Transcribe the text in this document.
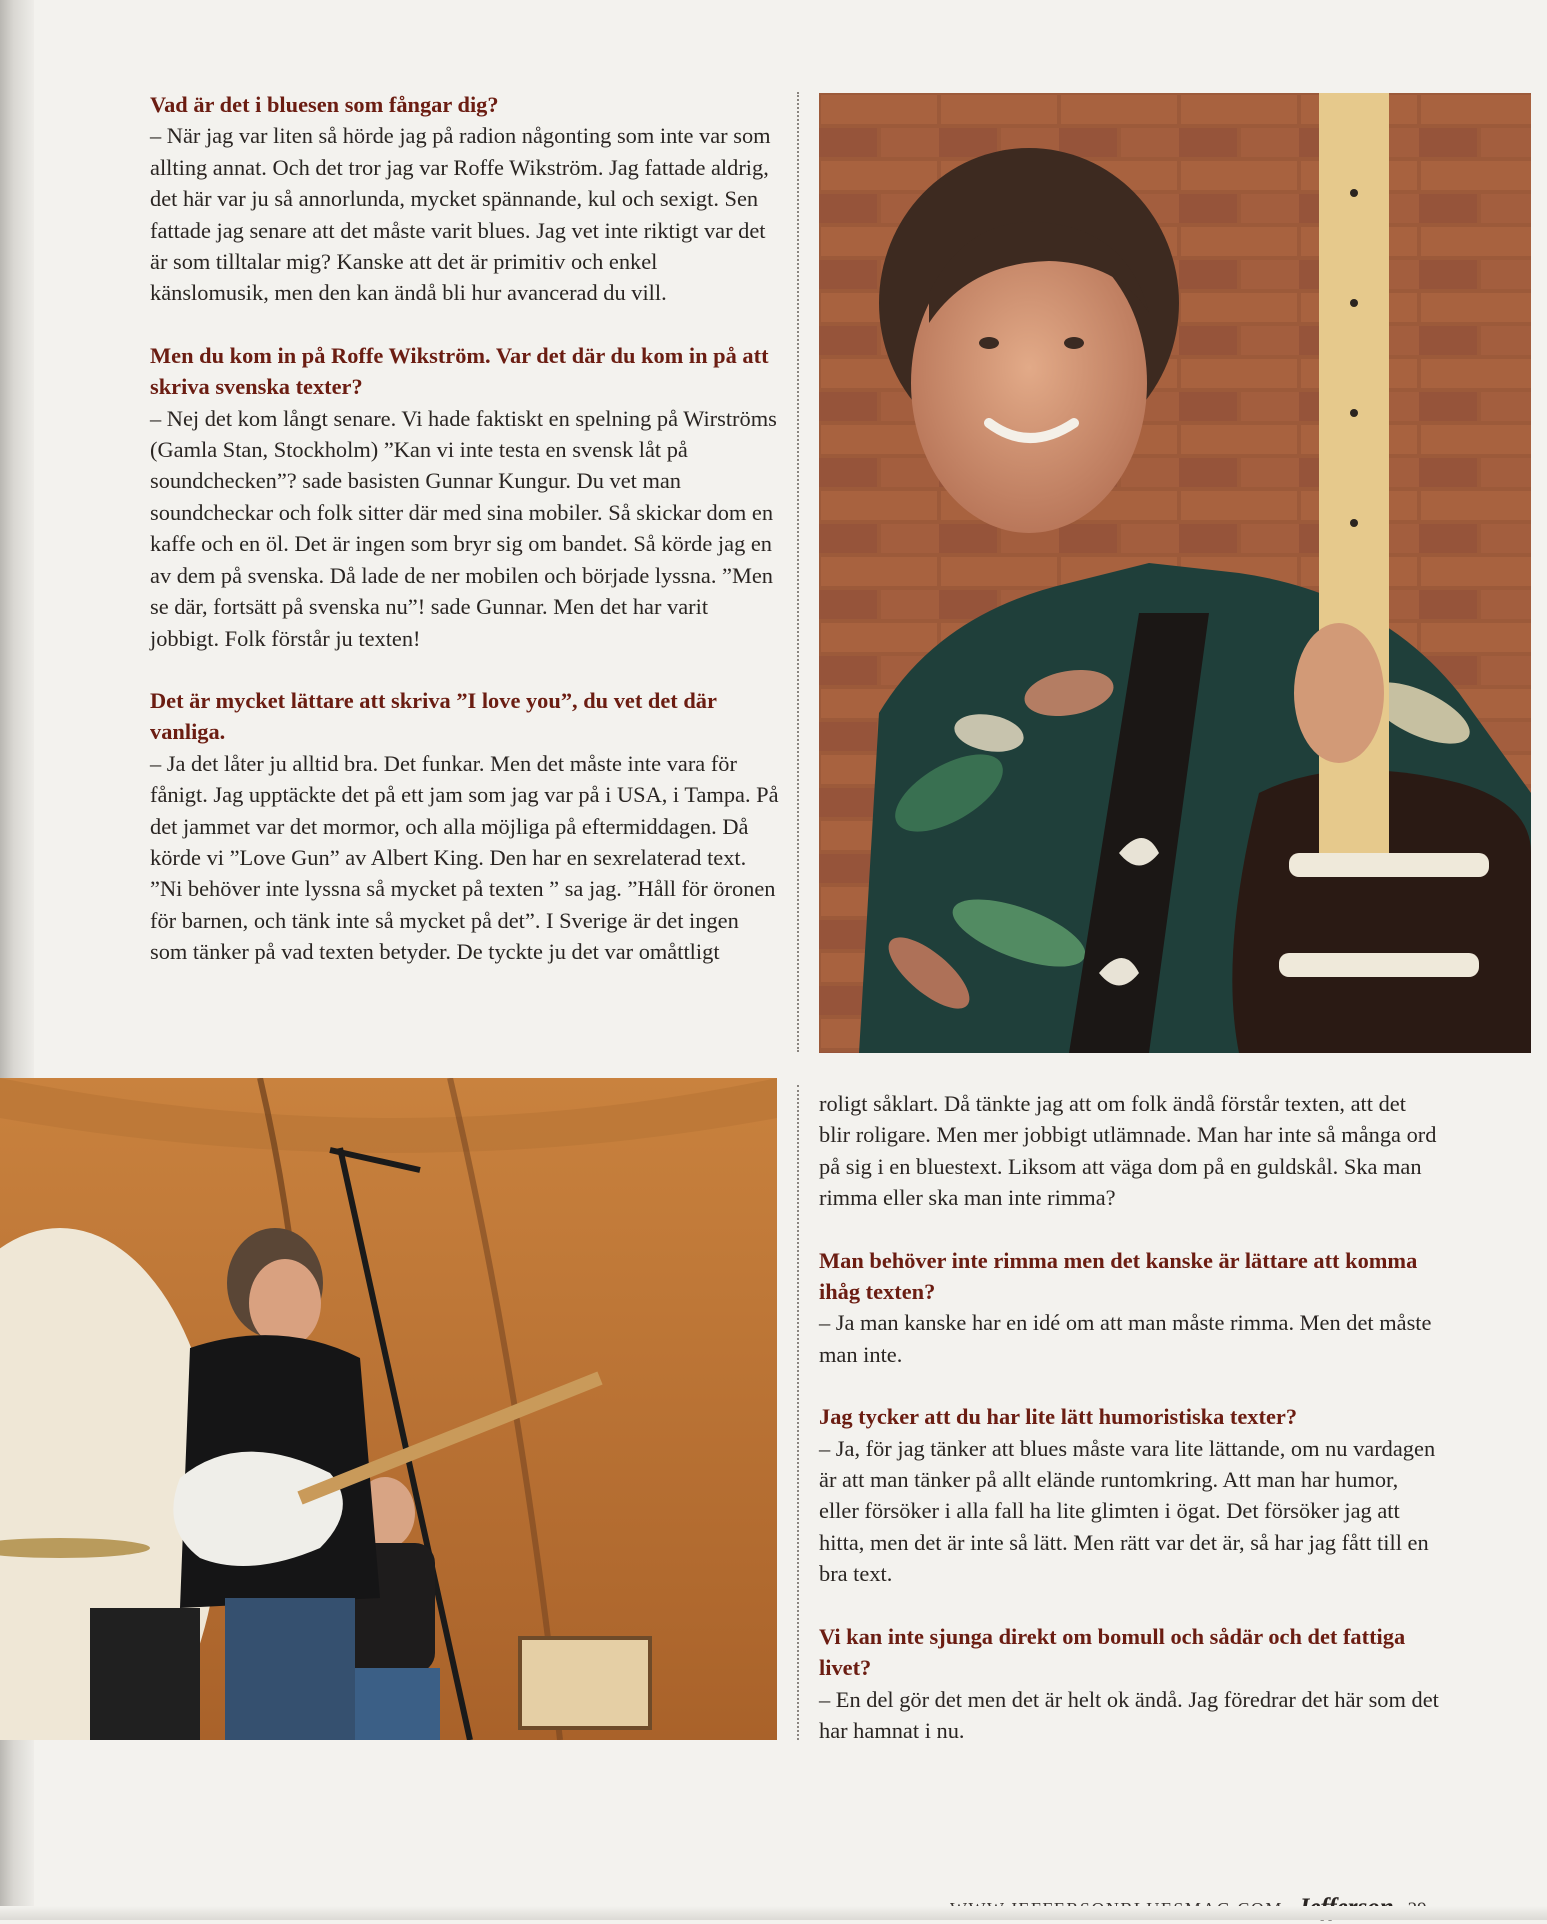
Vad är det i bluesen som fångar dig?
– När jag var liten så hörde jag på radion någonting som inte var som allting annat. Och det tror jag var Roffe Wikström. Jag fattade aldrig, det här var ju så annorlunda, mycket spännande, kul och sexigt. Sen fattade jag senare att det måste varit blues. Jag vet inte riktigt var det är som tilltalar mig? Kanske att det är primitiv och enkel känslomusik, men den kan ändå bli hur avancerad du vill.

Men du kom in på Roffe Wikström. Var det där du kom in på att skriva svenska texter?
– Nej det kom långt senare. Vi hade faktiskt en spelning på Wirströms (Gamla Stan, Stockholm) ”Kan vi inte testa en svensk låt på soundchecken”? sade basisten Gunnar Kungur. Du vet man soundcheckar och folk sitter där med sina mobiler. Så skickar dom en kaffe och en öl. Det är ingen som bryr sig om bandet. Så körde jag en av dem på svenska. Då lade de ner mobilen och började lyssna. ”Men se där, fortsätt på svenska nu”! sade Gunnar. Men det har varit jobbigt. Folk förstår ju texten!

Det är mycket lättare att skriva ”I love you”, du vet det där vanliga.
– Ja det låter ju alltid bra. Det funkar. Men det måste inte vara för fånigt. Jag upptäckte det på ett jam som jag var på i USA, i Tampa. På det jammet var det mormor, och alla möjliga på eftermiddagen. Då körde vi ”Love Gun” av Albert King. Den har en sexrelaterad text. ”Ni behöver inte lyssna så mycket på texten ” sa jag. ”Håll för öronen för barnen, och tänk inte så mycket på det”. I Sverige är det ingen som tänker på vad texten betyder. De tyckte ju det var omåttligt

roligt såklart. Då tänkte jag att om folk ändå förstår texten, att det blir roligare. Men mer jobbigt utlämnade. Man har inte så många ord på sig i en bluestext. Liksom att väga dom på en guldskål. Ska man rimma eller ska man inte rimma?

Man behöver inte rimma men det kanske är lättare att komma ihåg texten?
– Ja man kanske har en idé om att man måste rimma. Men det måste man inte.

Jag tycker att du har lite lätt humoristiska texter?
– Ja, för jag tänker att blues måste vara lite lättande, om nu vardagen är att man tänker på allt elände runtomkring. Att man har humor, eller försöker i alla fall ha lite glimten i ögat. Det försöker jag att hitta, men det är inte så lätt. Men rätt var det är, så har jag fått till en bra text.

Vi kan inte sjunga direkt om bomull och sådär och det fattiga livet?
– En del gör det men det är helt ok ändå. Jag föredrar det här som det har hamnat i nu.
